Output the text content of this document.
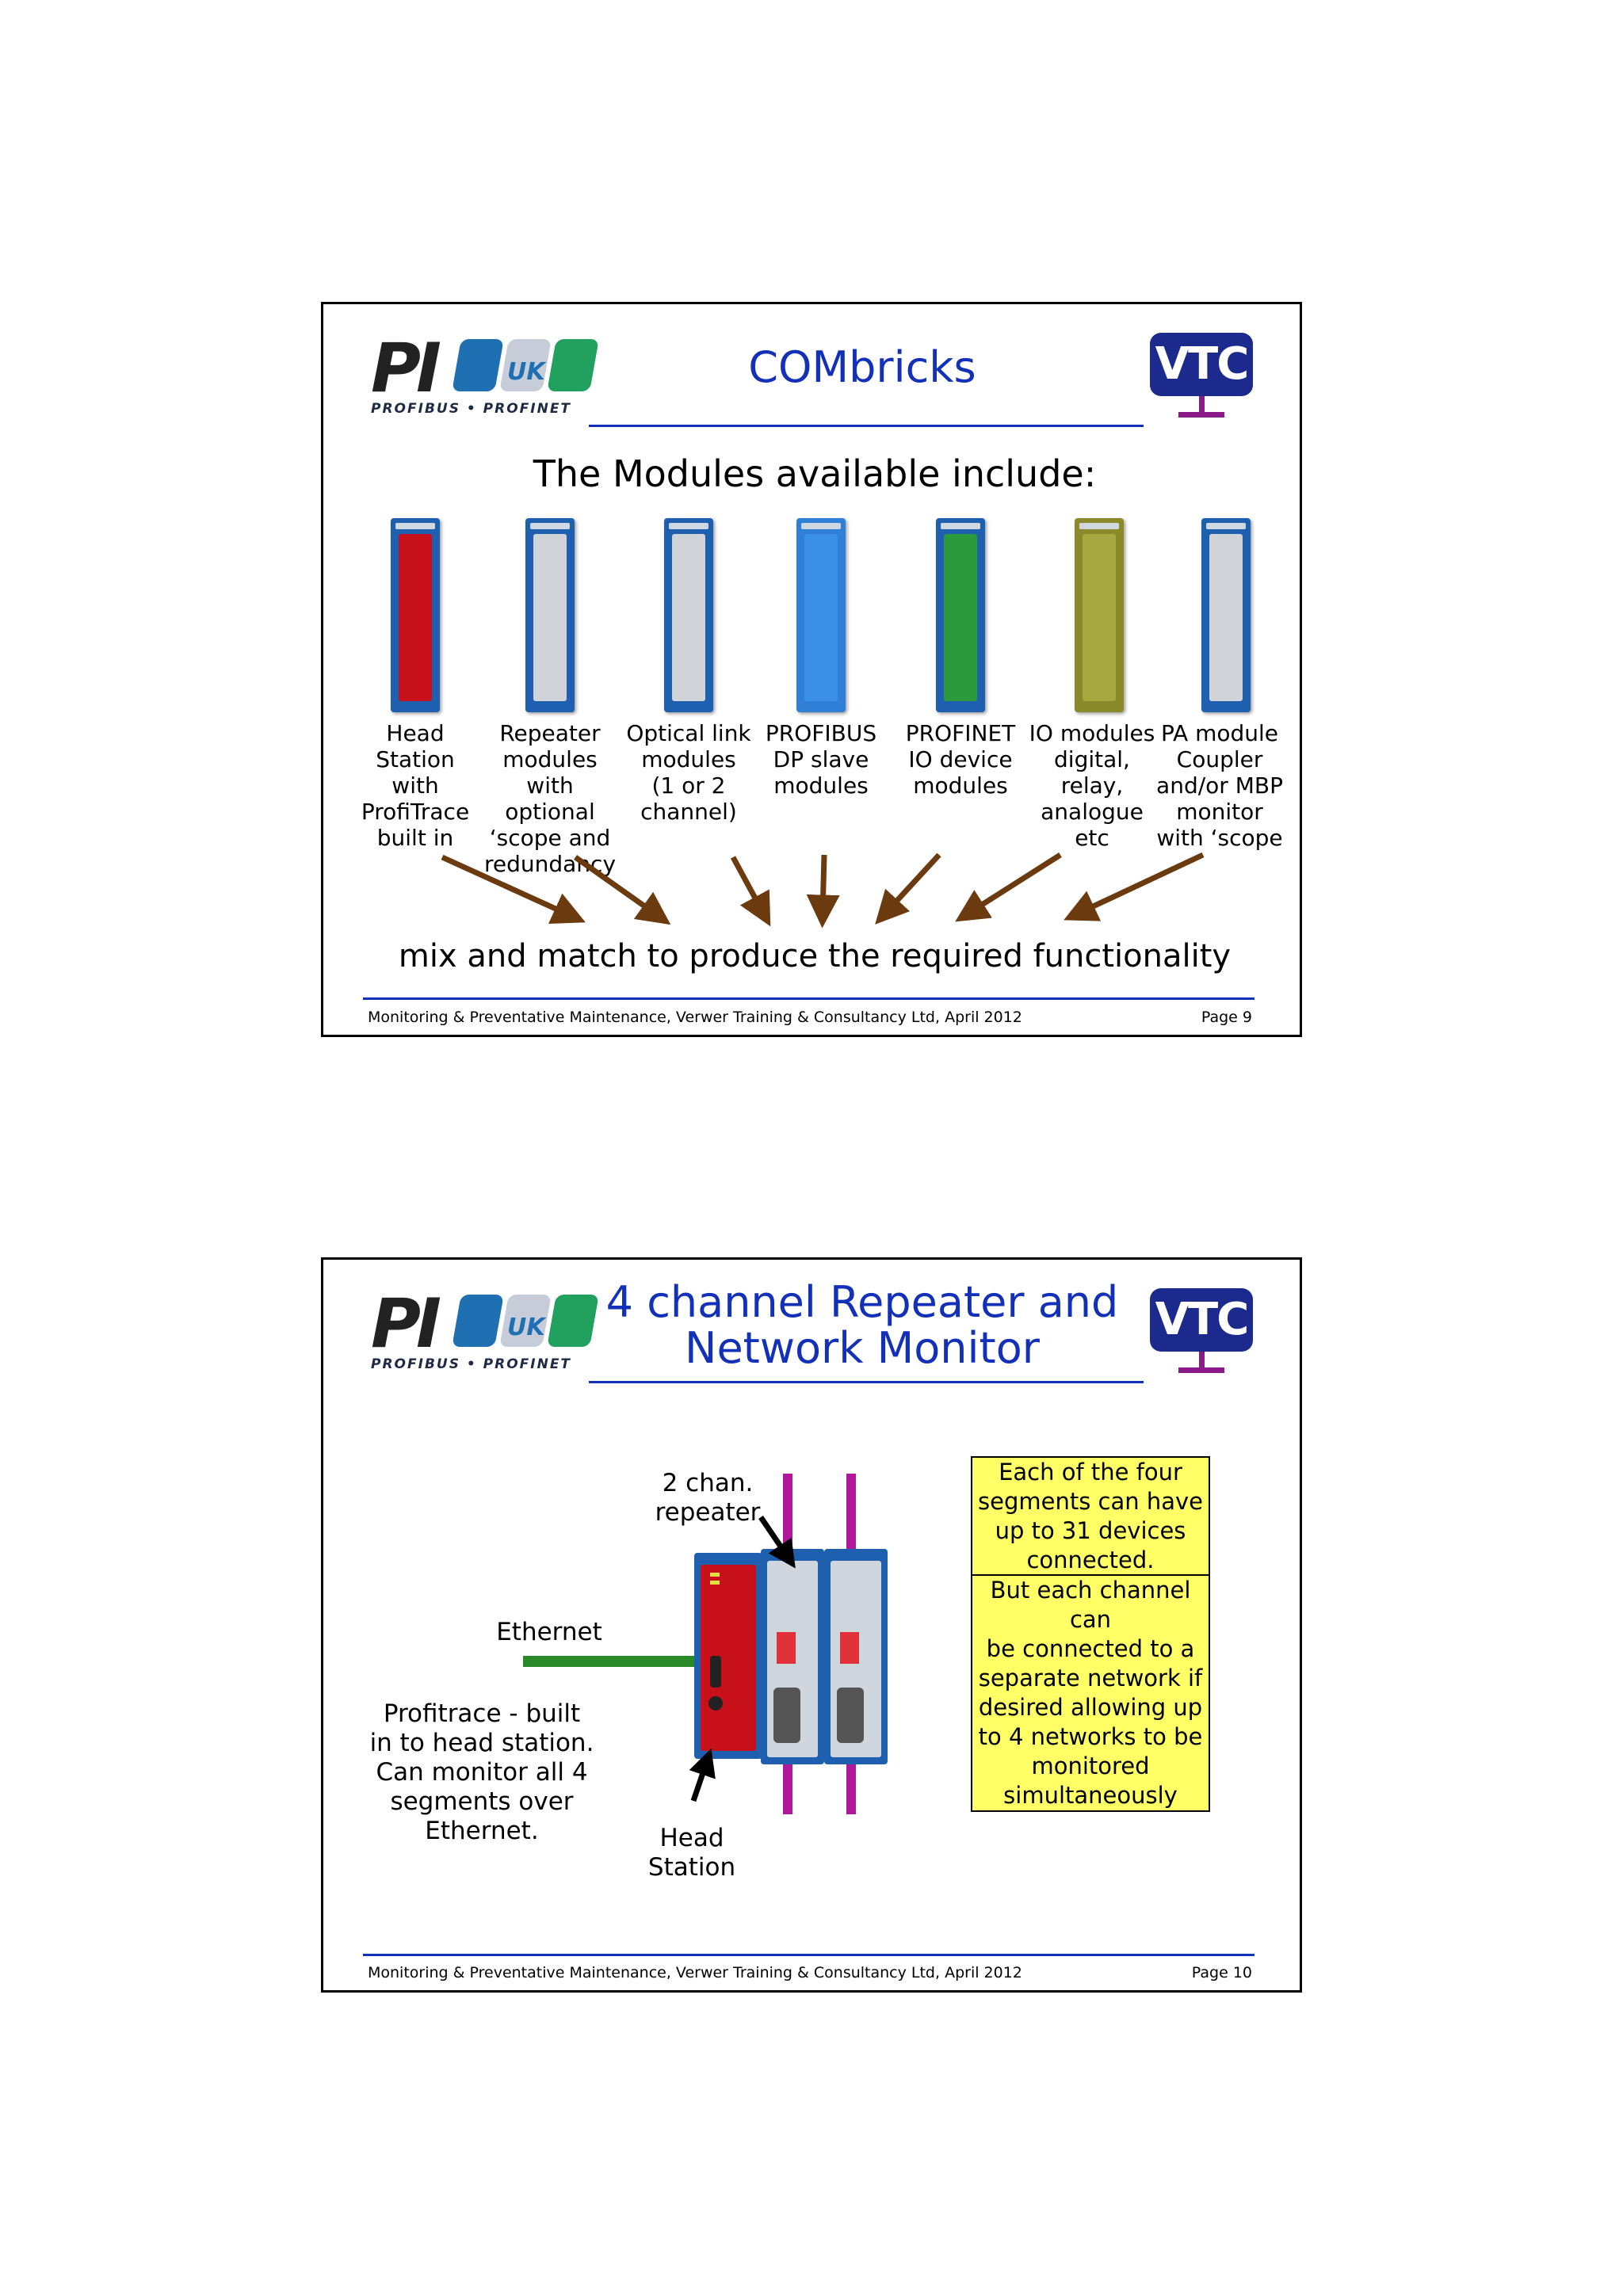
PI	UK
PROFIBUS • PROFINET
COMbricks	VTC
The Modules available include:
Head Station
with
ProfiTrace
built in
Repeater
modules with
optional
‘scope and
redundancy
Optical link
modules
(1 or 2
channel)
PROFIBUS
DP slave
modules
PROFINET
IO device
modules
IO modules
digital,
relay,
analogue
etc
PA module
Coupler
and/or MBP
monitor
with ‘scope
mix and match to produce the required functionality
Monitoring & Preventative Maintenance, Verwer Training & Consultancy Ltd, April 2012	Page 9
PI	UK
PROFIBUS • PROFINET
4 channel Repeater and
Network Monitor
VTC
2 chan.
repeater
Ethernet
Profitrace - built
in to head station.
Can monitor all 4
segments over
Ethernet.	Head
Station
Each of the four
segments can have
up to 31 devices
connected.
But each channel can
be connected to a
separate network if
desired allowing up
to 4 networks to be
monitored
simultaneously
Monitoring & Preventative Maintenance, Verwer Training & Consultancy Ltd, April 2012	Page 10
